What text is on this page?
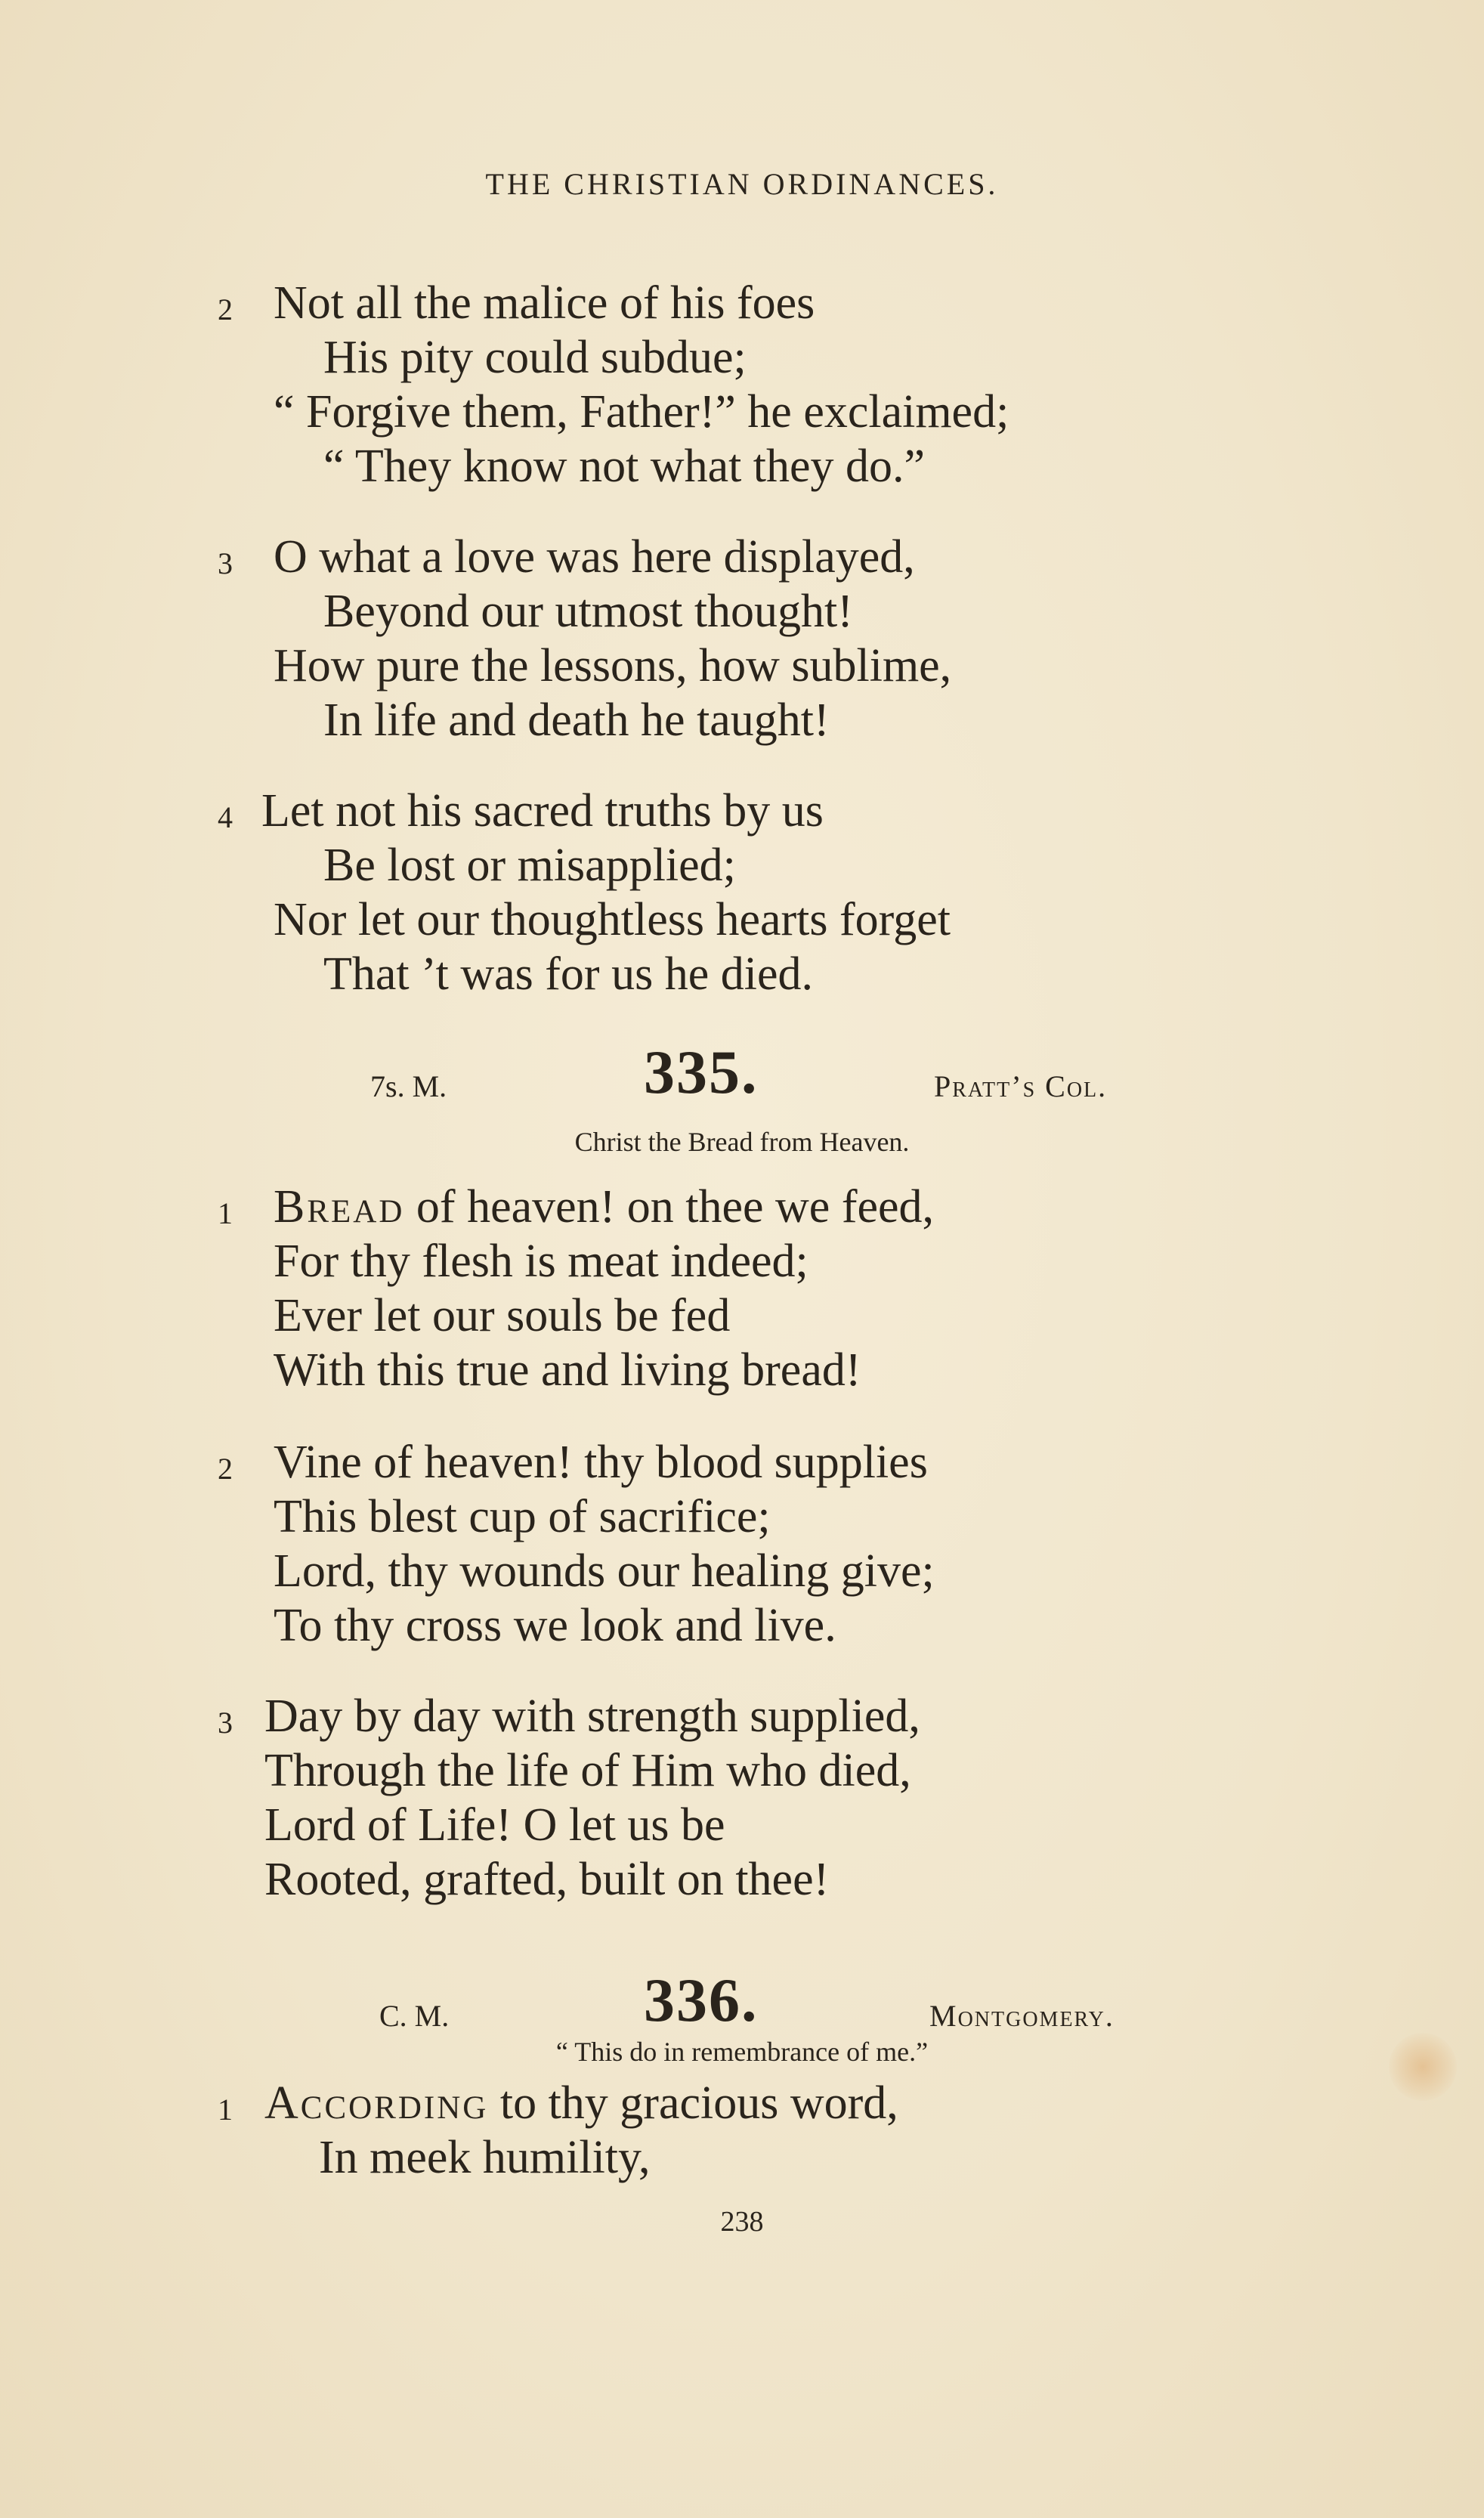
THE CHRISTIAN ORDINANCES.
2 Not all the malice of his foes
His pity could subdue;
“ Forgive them, Father!” he exclaimed;
“ They know not what they do.”
3 O what a love was here displayed,
Beyond our utmost thought!
How pure the lessons, how sublime,
In life and death he taught!
4 Let not his sacred truths by us
Be lost or misapplied;
Nor let our thoughtless hearts forget
That ’t was for us he died.
7s. M.	335.	Pratt’s Col.
Christ the Bread from Heaven.
1 Bread of heaven! on thee we feed,
For thy flesh is meat indeed;
Ever let our souls be fed
With this true and living bread!
2 Vine of heaven! thy blood supplies
This blest cup of sacrifice;
Lord, thy wounds our healing give;
To thy cross we look and live.
3 Day by day with strength supplied,
Through the life of Him who died,
Lord of Life! O let us be
Rooted, grafted, built on thee!
C. M.	336.	Montgomery.
“ This do in remembrance of me.”
1 According to thy gracious word,
In meek humility,
238
